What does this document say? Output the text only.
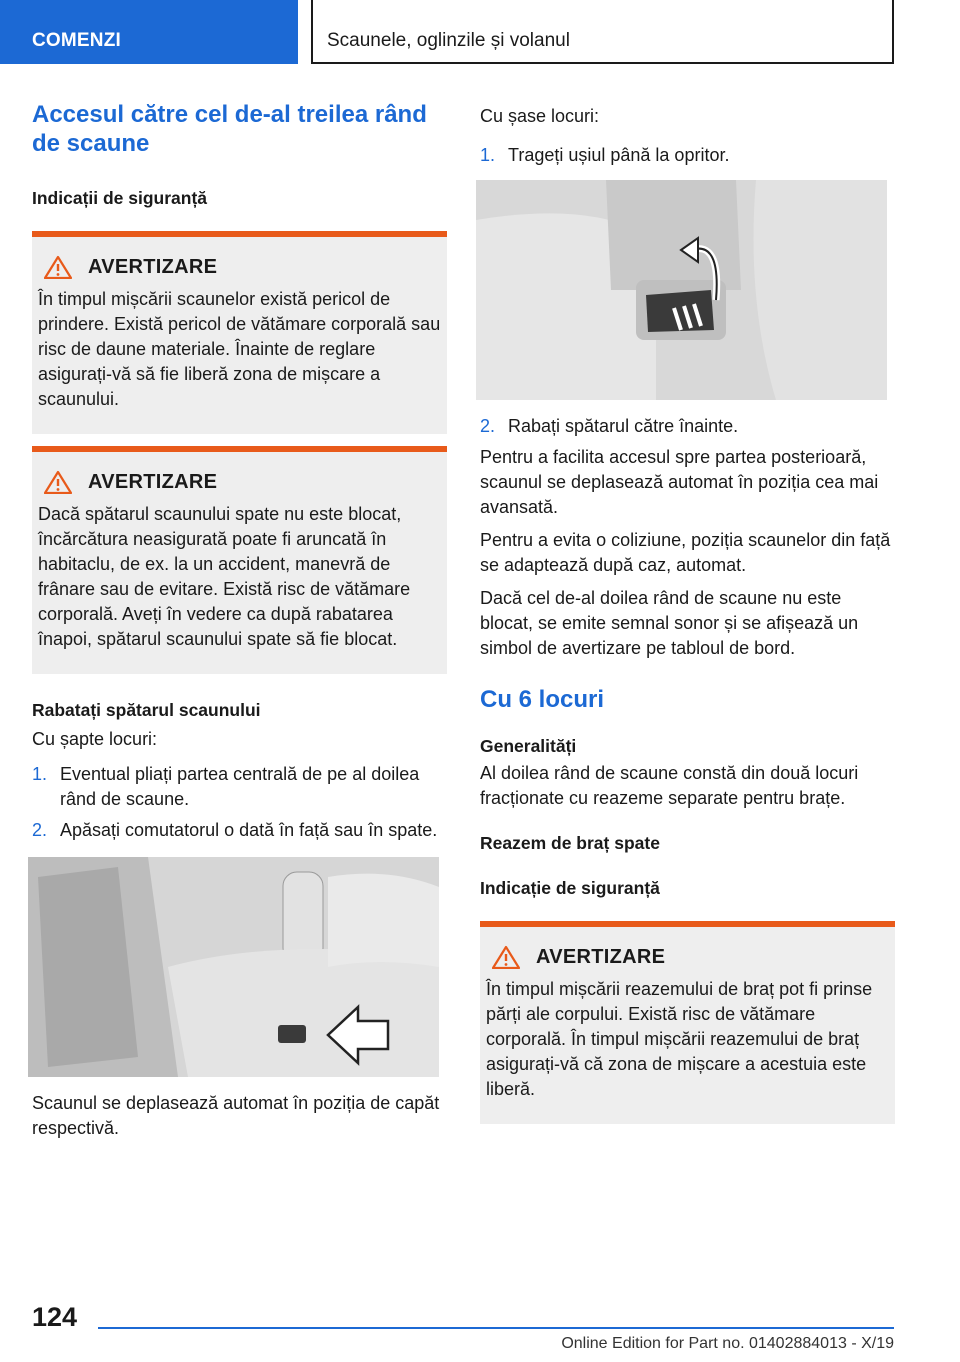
COMENZI	Scaunele, oglinzile și volanul
Accesul către cel de-al treilea rând de scaune
Indicații de siguranță
AVERTIZARE

În timpul mișcării scaunelor există pericol de prindere. Există pericol de vătămare corporală sau risc de daune materiale. Înainte de reglare asigurați-vă să fie liberă zona de mișcare a scaunului.

AVERTIZARE

Dacă spătarul scaunului spate nu este blocat, încărcătura neasigurată poate fi aruncată în habitaclu, de ex. la un accident, manevră de frânare sau de evitare. Există risc de vătămare corporală. Aveți în vedere ca după rabatarea înapoi, spătarul scaunului spate să fie blocat.

Rabatați spătarul scaunului

Cu șapte locuri:

1. Eventual pliați partea centrală de pe al doilea rând de scaune.
2. Apăsați comutatorul o dată în față sau în spate.

Scaunul se deplasează automat în poziția de capăt respectivă.

Cu șase locuri:

1. Trageți ușiul până la opritor.
2. Rabați spătarul către înainte.

Pentru a facilita accesul spre partea posterioară, scaunul se deplasează automat în poziția cea mai avansată.

Pentru a evita o coliziune, poziția scaunelor din față se adaptează după caz, automat.

Dacă cel de-al doilea rând de scaune nu este blocat, se emite semnal sonor și se afișează un simbol de avertizare pe tabloul de bord.

Cu 6 locuri
Generalități

Al doilea rând de scaune constă din două locuri fracționate cu reazeme separate pentru brațe.

Reazem de braț spate
Indicație de siguranță
AVERTIZARE

În timpul mișcării reazemului de braț pot fi prinse părți ale corpului. Există risc de vătămare corporală. În timpul mișcării reazemului de braț asigurați-vă că zona de mișcare a acestuia este liberă.

124
Online Edition for Part no. 01402884013 - X/19
